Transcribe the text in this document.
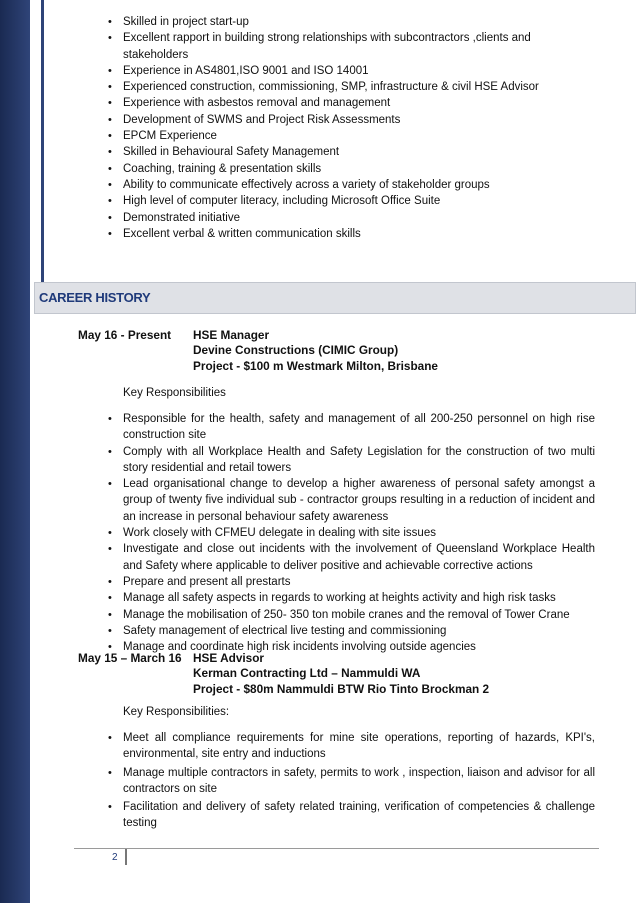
• Skilled in project start-up
• Excellent rapport in building strong relationships with subcontractors ,clients and stakeholders
• Experience in AS4801,ISO 9001 and ISO 14001
• Experienced construction, commissioning, SMP, infrastructure & civil HSE Advisor
• Experience with asbestos removal and management
• Development of SWMS and Project Risk Assessments
• EPCM Experience
• Skilled in Behavioural Safety Management
• Coaching, training & presentation skills
• Ability to communicate effectively across a variety of stakeholder groups
• High level of computer literacy, including Microsoft Office Suite
• Demonstrated initiative
• Excellent verbal & written communication skills
CAREER HISTORY
May 16 - Present HSE Manager
Devine Constructions (CIMIC Group)
Project - $100 m Westmark Milton, Brisbane
Key Responsibilities
• Responsible for the health, safety and management of all 200-250 personnel on high rise construction site
• Comply with all Workplace Health and Safety Legislation for the construction of two multi story residential and retail towers
• Lead organisational change to develop a higher awareness of personal safety amongst a group of twenty five individual sub - contractor groups resulting in a reduction of incident and an increase in personal behaviour safety awareness
• Work closely with CFMEU delegate in dealing with site issues
• Investigate and close out incidents with the involvement of Queensland Workplace Health and Safety where applicable to deliver positive and achievable corrective actions
• Prepare and present all prestarts
• Manage all safety aspects in regards to working at heights activity and high risk tasks
• Manage the mobilisation of 250- 350 ton mobile cranes and the removal of Tower Crane
• Safety management of electrical live testing and commissioning
• Manage and coordinate high risk incidents involving outside agencies
May 15 – March 16 HSE Advisor
Kerman Contracting Ltd – Nammuldi WA
Project - $80m Nammuldi BTW Rio Tinto Brockman 2
Key Responsibilities:
• Meet all compliance requirements for mine site operations, reporting of hazards, KPI's, environmental, site entry and inductions
• Manage multiple contractors in safety, permits to work , inspection, liaison and advisor for all contractors on site
• Facilitation and delivery of safety related training, verification of competencies & challenge testing
2
